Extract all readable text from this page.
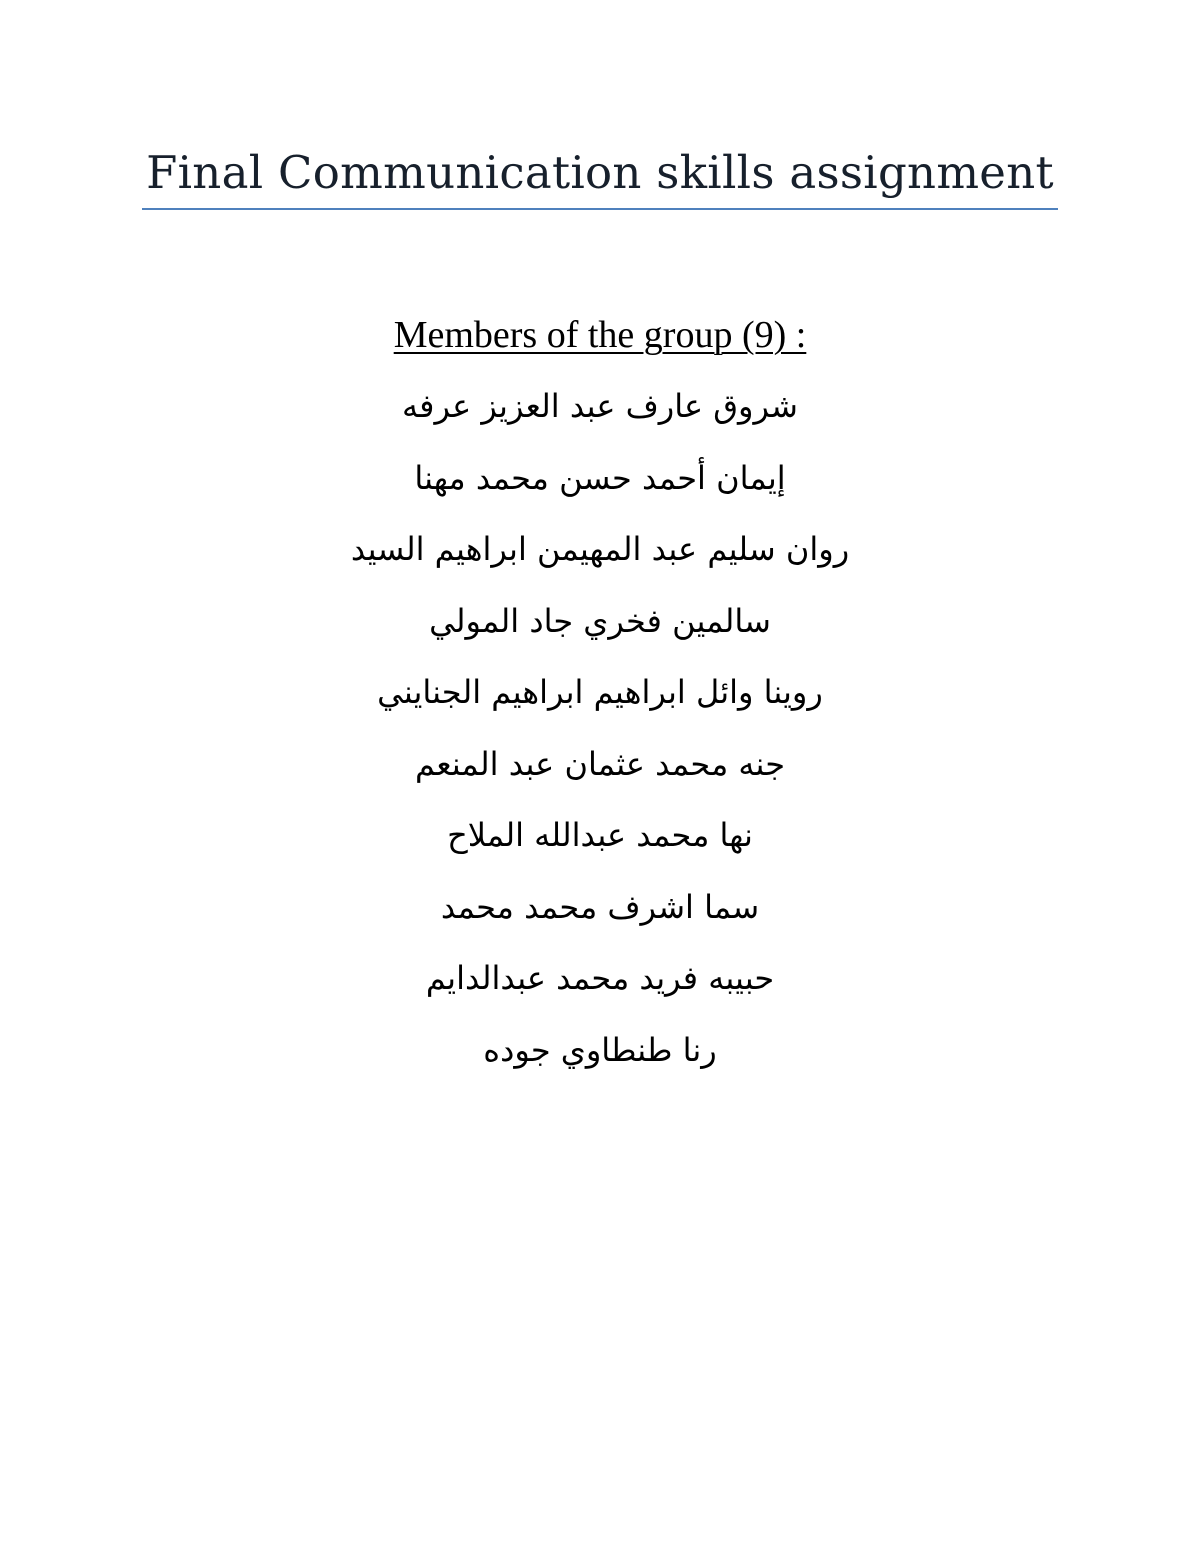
Final Communication skills assignment
Members of the group (9) :
شروق عارف عبد العزيز عرفه
إيمان أحمد حسن محمد مهنا
روان سليم عبد المهيمن ابراهيم السيد
سالمين فخري جاد المولي
روينا وائل ابراهيم ابراهيم الجنايني
جنه محمد عثمان عبد المنعم
نها محمد عبدالله الملاح
سما اشرف محمد محمد
حبيبه فريد محمد عبدالدايم
رنا طنطاوي جوده
